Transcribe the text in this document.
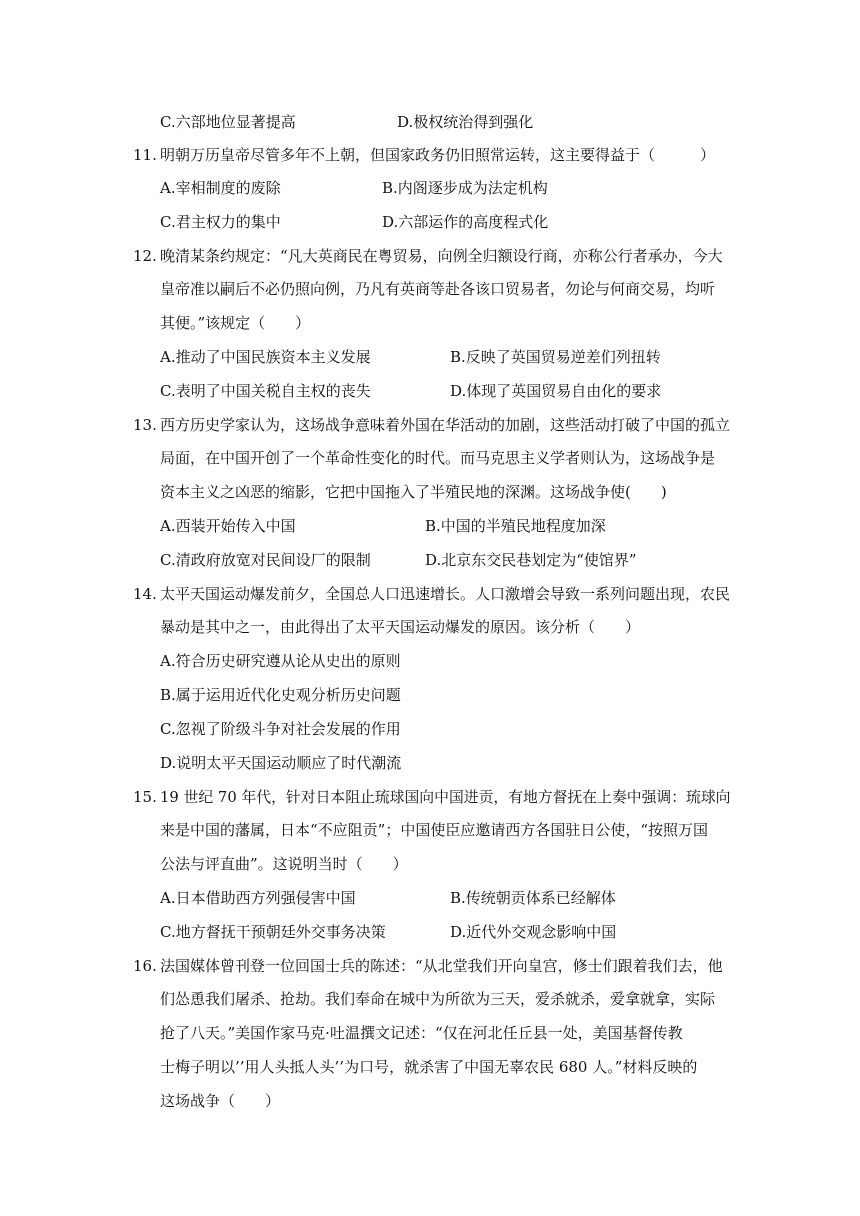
C.六部地位显著提高	D.极权统治得到强化
11. 明朝万历皇帝尽管多年不上朝，但国家政务仍旧照常运转，这主要得益于（　　　）
A.宰相制度的废除	B.内阁逐步成为法定机构
C.君主权力的集中	D.六部运作的高度程式化
12. 晚清某条约规定：“凡大英商民在粤贸易，向例全归额设行商，亦称公行者承办，今大
皇帝准以嗣后不必仍照向例，乃凡有英商等赴各该口贸易者，勿论与何商交易，均听
其便。”该规定（　　）
A.推动了中国民族资本主义发展	B.反映了英国贸易逆差们列扭转
C.表明了中国关税自主权的丧失	D.体现了英国贸易自由化的要求
13. 西方历史学家认为，这场战争意味着外国在华活动的加剧，这些活动打破了中国的孤立
局面，在中国开创了一个革命性变化的时代。而马克思主义学者则认为，这场战争是
资本主义之凶恶的缩影，它把中国拖入了半殖民地的深渊。这场战争使(　　)
A.西装开始传入中国	B.中国的半殖民地程度加深
C.清政府放宽对民间设厂的限制	D.北京东交民巷划定为“使馆界”
14. 太平天国运动爆发前夕，全国总人口迅速增长。人口激增会导致一系列问题出现，农民
暴动是其中之一，由此得出了太平天国运动爆发的原因。该分析（　　）
A.符合历史研究遵从论从史出的原则
B.属于运用近代化史观分析历史问题
C.忽视了阶级斗争对社会发展的作用
D.说明太平天国运动顺应了时代潮流
15. 19 世纪 70 年代，针对日本阻止琉球国向中国进贡，有地方督抚在上奏中强调：琉球向
来是中国的藩属，日本“不应阻贡”；中国使臣应邀请西方各国驻日公使，“按照万国
公法与评直曲”。这说明当时（　　）
A.日本借助西方列强侵害中国	B.传统朝贡体系已经解体
C.地方督抚干预朝廷外交事务决策	D.近代外交观念影响中国
16. 法国媒体曾刊登一位回国士兵的陈述：“从北堂我们开向皇宫，修士们跟着我们去，他
们怂恿我们屠杀、抢劫。我们奉命在城中为所欲为三天，爱杀就杀，爱拿就拿，实际
抢了八天。”美国作家马克·吐温撰文记述：“仅在河北任丘县一处，美国基督传教
士梅子明以’’用人头抵人头’’为口号，就杀害了中国无辜农民 680 人。”材料反映的
这场战争（　　）
